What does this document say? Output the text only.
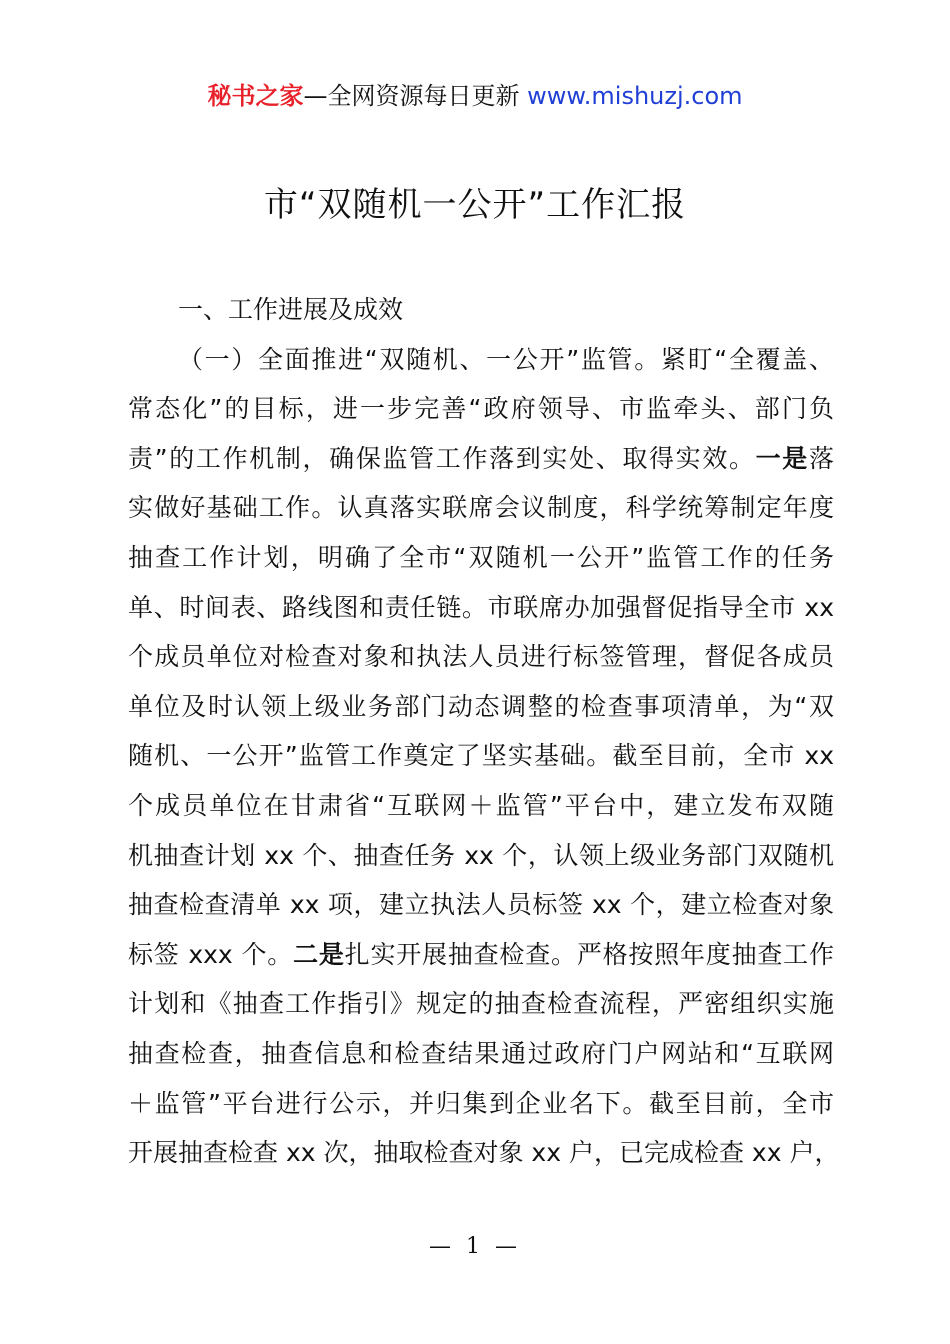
秘书之家—全网资源每日更新 www.mishuzj.com
市“双随机一公开”工作汇报
一、工作进展及成效
（一）全面推进“双随机、一公开”监管。紧盯“全覆盖、
常态化”的目标，进一步完善“政府领导、市监牵头、部门负
责”的工作机制，确保监管工作落到实处、取得实效。一是落
实做好基础工作。认真落实联席会议制度，科学统筹制定年度
抽查工作计划，明确了全市“双随机一公开”监管工作的任务
单、时间表、路线图和责任链。市联席办加强督促指导全市 xx
个成员单位对检查对象和执法人员进行标签管理，督促各成员
单位及时认领上级业务部门动态调整的检查事项清单，为“双
随机、一公开”监管工作奠定了坚实基础。截至目前，全市 xx
个成员单位在甘肃省“互联网＋监管”平台中，建立发布双随
机抽查计划 xx 个、抽查任务 xx 个，认领上级业务部门双随机
抽查检查清单 xx 项，建立执法人员标签 xx 个，建立检查对象
标签 xxx 个。二是扎实开展抽查检查。严格按照年度抽查工作
计划和《抽查工作指引》规定的抽查检查流程，严密组织实施
抽查检查，抽查信息和检查结果通过政府门户网站和“互联网
＋监管”平台进行公示，并归集到企业名下。截至目前，全市
开展抽查检查 xx 次，抽取检查对象 xx 户，已完成检查 xx 户，
— 1 —
